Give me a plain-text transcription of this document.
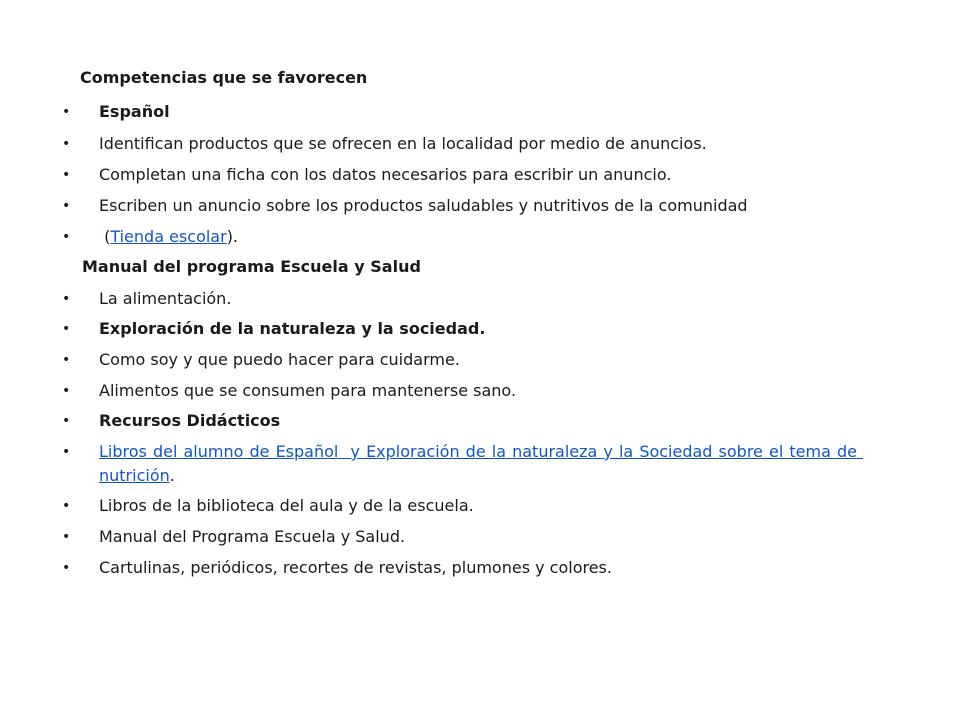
Competencias que se favorecen
• Español
• Identifican productos que se ofrecen en la localidad por medio de anuncios.
• Completan una ficha con los datos necesarios para escribir un anuncio.
• Escriben un anuncio sobre los productos saludables y nutritivos de la comunidad
• (Tienda escolar).
Manual del programa Escuela y Salud
• La alimentación.
• Exploración de la naturaleza y la sociedad.
• Como soy y que puedo hacer para cuidarme.
• Alimentos que se consumen para mantenerse sano.
• Recursos Didácticos
• Libros del alumno de Español  y Exploración de la naturaleza y la Sociedad sobre el tema de nutrición.
• Libros de la biblioteca del aula y de la escuela.
• Manual del Programa Escuela y Salud.
• Cartulinas, periódicos, recortes de revistas, plumones y colores.
